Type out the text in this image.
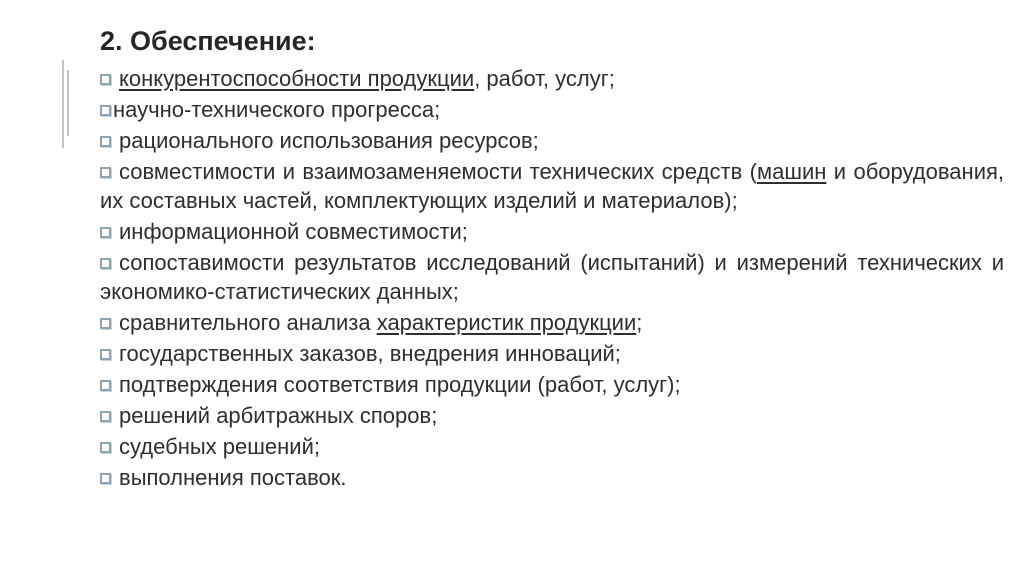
2. Обеспечение:
конкурентоспособности продукции, работ, услуг;
научно-технического прогресса;
рационального использования ресурсов;
совместимости и взаимозаменяемости технических средств (машин и оборудования, их составных частей, комплектующих изделий и материалов);
информационной совместимости;
сопоставимости результатов исследований (испытаний) и измерений технических и экономико-статистических данных;
сравнительного анализа характеристик продукции;
государственных заказов, внедрения инноваций;
подтверждения соответствия продукции (работ, услуг);
решений арбитражных споров;
судебных решений;
выполнения поставок.
